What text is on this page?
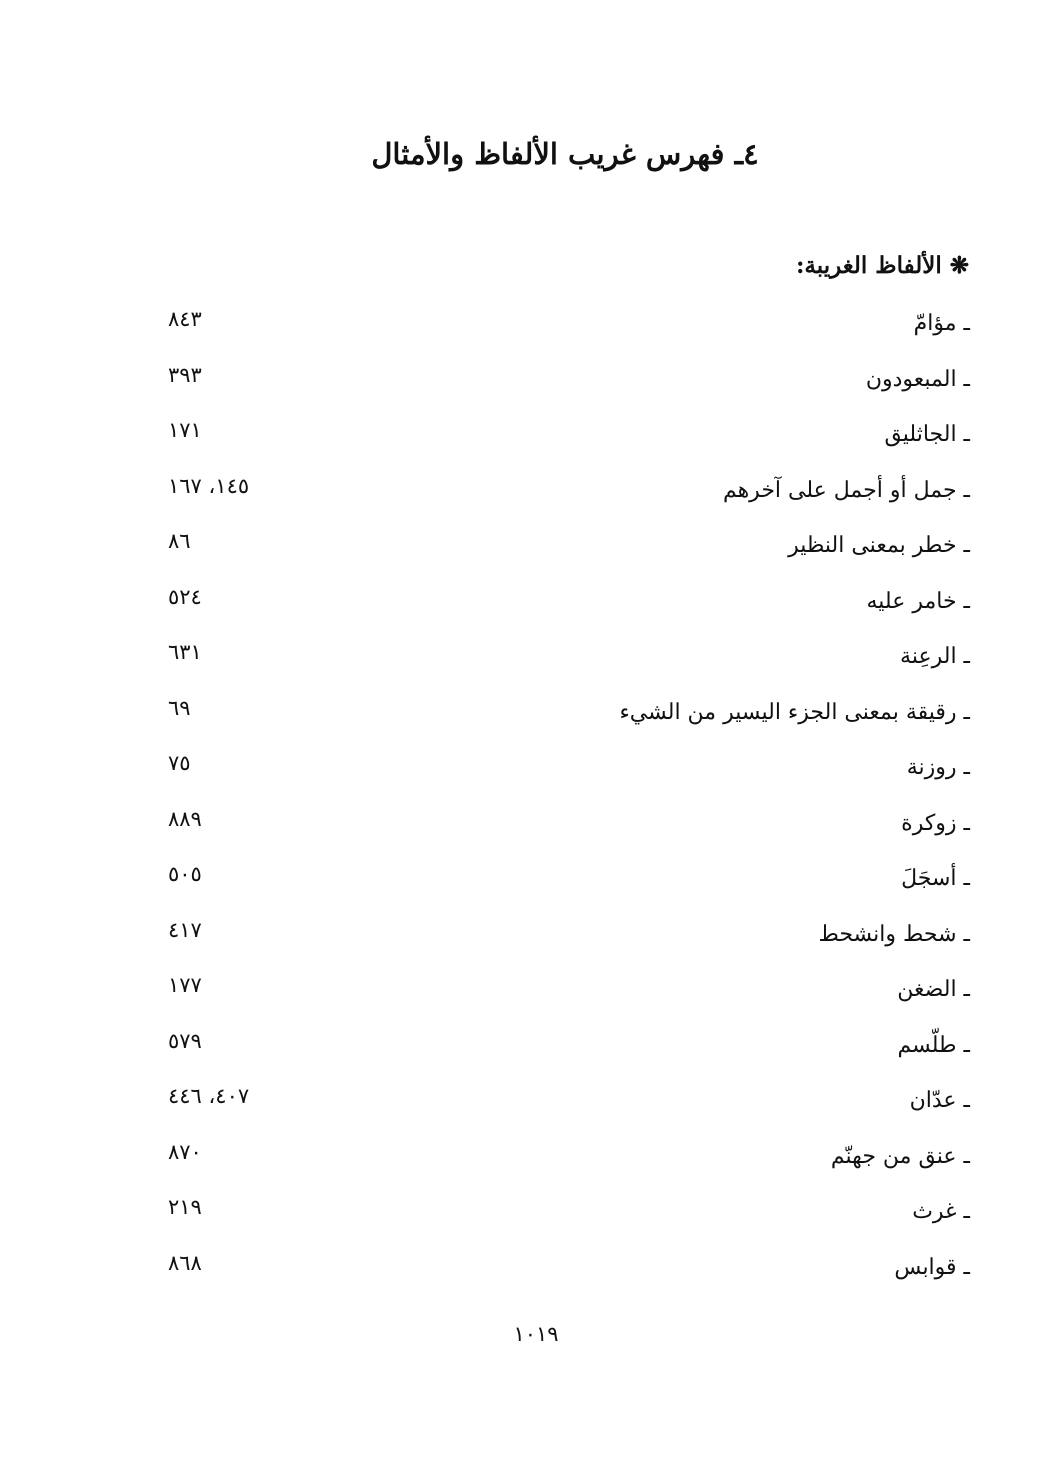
٤ـ فهرس غريب الألفاظ والأمثال
❋ الألفاظ الغريبة:
ـ مؤامّ
٨٤٣
ـ المبعودون
٣٩٣
ـ الجاثليق
١٧١
ـ جمل أو أجمل على آخرهم
١٤٥، ١٦٧
ـ خطر بمعنى النظير
٨٦
ـ خامر عليه
٥٢٤
ـ الرعِنة
٦٣١
ـ رقيقة بمعنى الجزء اليسير من الشيء
٦٩
ـ روزنة
٧٥
ـ زوكرة
٨٨٩
ـ أسجَلَ
٥٠٥
ـ شحط وانشحط
٤١٧
ـ الضغن
١٧٧
ـ طلّسم
٥٧٩
ـ عدّان
٤٠٧، ٤٤٦
ـ عنق من جهنّم
٨٧٠
ـ غرث
٢١٩
ـ قوابس
٨٦٨
١٠١٩
